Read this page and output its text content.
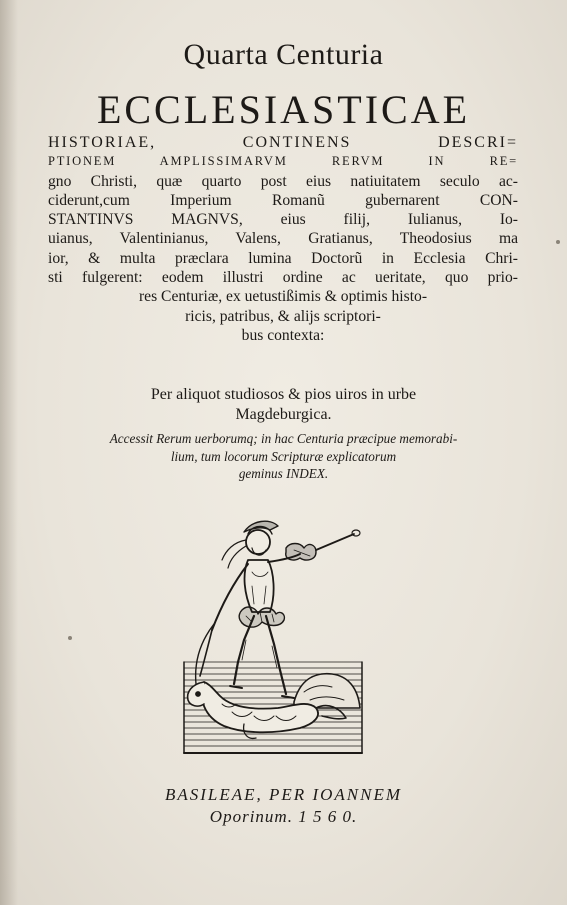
Quarta Centuria
ECCLESIASTICAE
HISTORIAE, CONTINENS DESCRI=
PTIONEM AMPLISSIMARVM RERVM IN RE=
gno Christi, quæ quarto post eius natiuitatem seculo ac-
ciderunt,cum Imperium Romanũ gubernarent CON-
STANTINVS MAGNVS, eius filij, Iulianus, Io-
uianus, Valentinianus, Valens, Gratianus, Theodosius ma
ior, & multa præclara lumina Doctorũ in Ecclesia Chri-
sti fulgerent: eodem illustri ordine ac ueritate, quo prio-
res Centuriæ, ex uetustißimis & optimis histo-
ricis, patribus, & alijs scriptori-
bus contexta:
Per aliquot studiosos & pios uiros in urbe
Magdeburgica.
Accessit Rerum uerborumq; in hac Centuria præcipue memorabi-
lium, tum locorum Scripturæ explicatorum
geminus INDEX.
BASILEAE, PER IOANNEM
Oporinum. 1 5 6 0.
